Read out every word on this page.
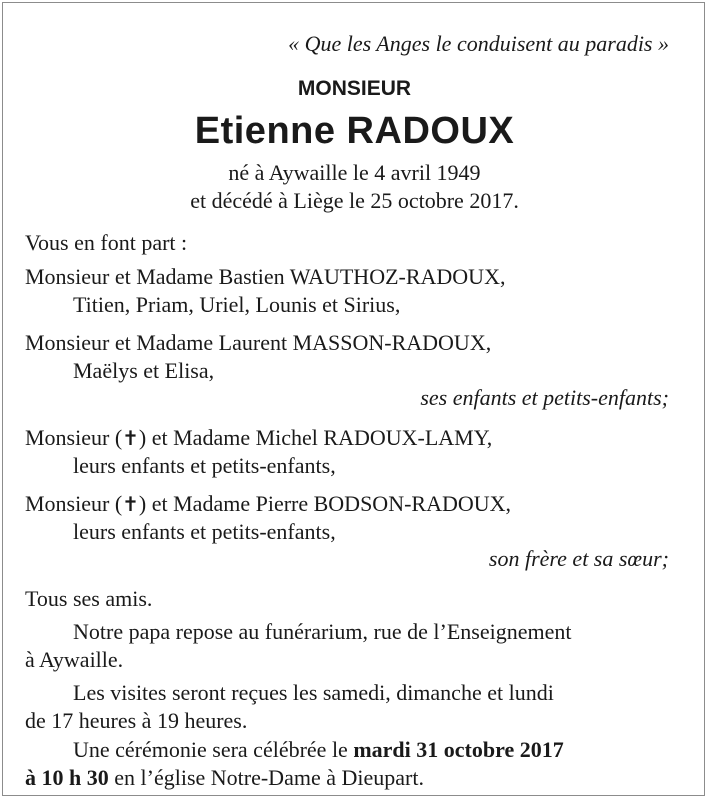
« Que les Anges le conduisent au paradis »

MONSIEUR

Etienne RADOUX

né à Aywaille le 4 avril 1949

et décédé à Liège le 25 octobre 2017.

Vous en font part :

Monsieur et Madame Bastien WAUTHOZ-RADOUX,

Titien, Priam, Uriel, Lounis et Sirius,

Monsieur et Madame Laurent MASSON-RADOUX,

Maëlys et Elisa,

ses enfants et petits-enfants;

Monsieur (✝) et Madame Michel RADOUX-LAMY,

leurs enfants et petits-enfants,

Monsieur (✝) et Madame Pierre BODSON-RADOUX,

leurs enfants et petits-enfants,

son frère et sa sœur;

Tous ses amis.

Notre papa repose au funérarium, rue de l’Enseignement

à Aywaille.

Les visites seront reçues les samedi, dimanche et lundi

de 17 heures à 19 heures.

Une cérémonie sera célébrée le mardi 31 octobre 2017

à 10 h 30 en l’église Notre-Dame à Dieupart.
